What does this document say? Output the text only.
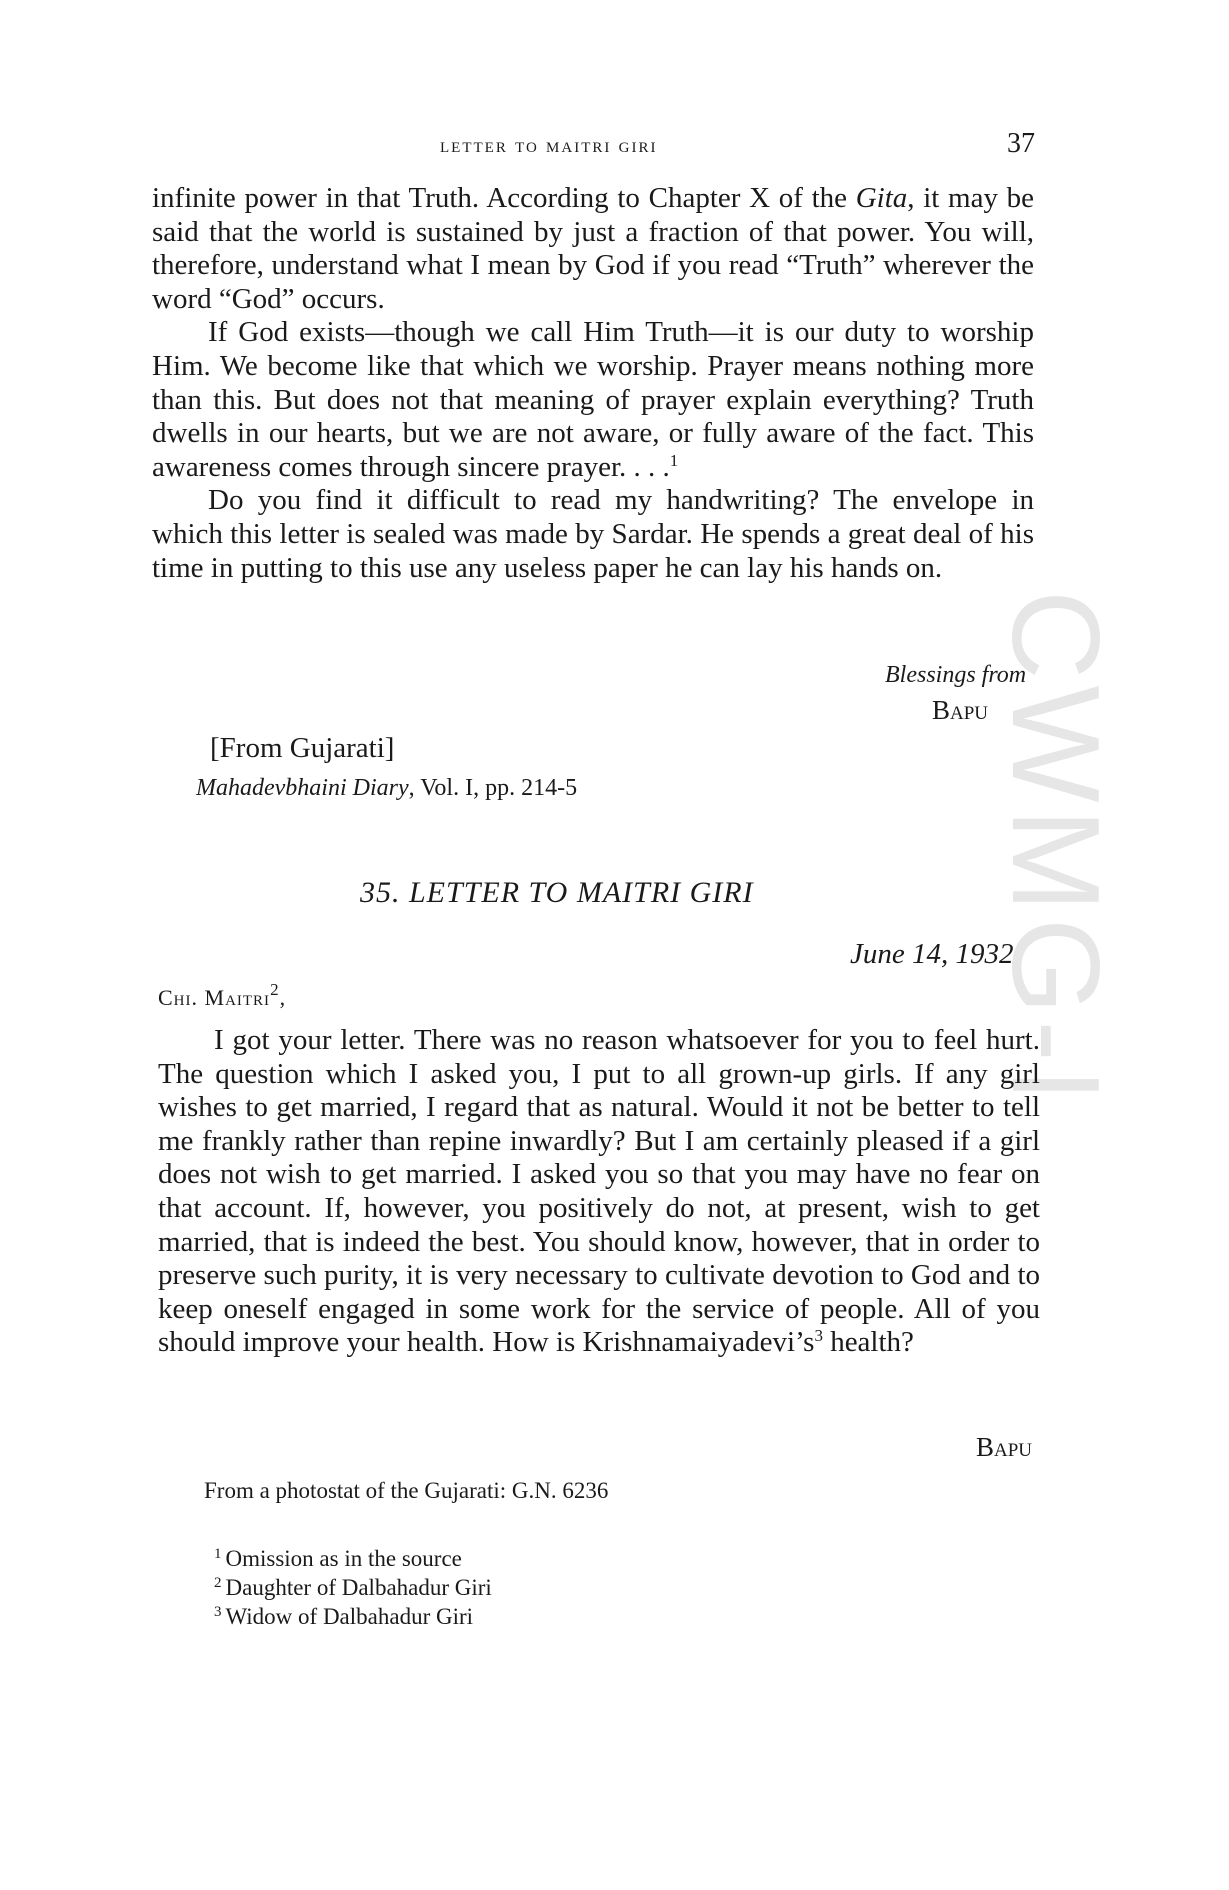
CWMG-I
letter to maitri giri	37

infinite power in that Truth. According to Chapter X of the Gita, it may be said that the world is sustained by just a fraction of that power. You will, therefore, understand what I mean by God if you read “Truth” wherever the word “God” occurs.

If God exists—though we call Him Truth—it is our duty to worship Him. We become like that which we worship. Prayer means nothing more than this. But does not that meaning of prayer explain everything? Truth dwells in our hearts, but we are not aware, or fully aware of the fact. This awareness comes through sincere prayer. . . .$^1$

Do you find it difficult to read my handwriting? The envelope in which this letter is sealed was made by Sardar. He spends a great deal of his time in putting to this use any useless paper he can lay his hands on.

Blessings from
Bapu
[From Gujarati]
Mahadevbhaini Diary, Vol. I, pp. 214-5
35. LETTER TO MAITRI GIRI
June 14, 1932
Chi. Maitri$^2$,

I got your letter. There was no reason whatsoever for you to feel hurt. The question which I asked you, I put to all grown-up girls. If any girl wishes to get married, I regard that as natural. Would it not be better to tell me frankly rather than repine inwardly? But I am certainly pleased if a girl does not wish to get married. I asked you so that you may have no fear on that account. If, however, you positively do not, at present, wish to get married, that is indeed the best. You should know, however, that in order to preserve such purity, it is very necessary to cultivate devotion to God and to keep oneself engaged in some work for the service of people. All of you should improve your health. How is $Krishnamaiyadevi’s^3$ health?

Bapu
From a photostat of the Gujarati: G.N. 6236
$^1$ Omission as in the source
$^2$ Daughter of Dalbahadur Giri
$^3$ Widow of Dalbahadur Giri
